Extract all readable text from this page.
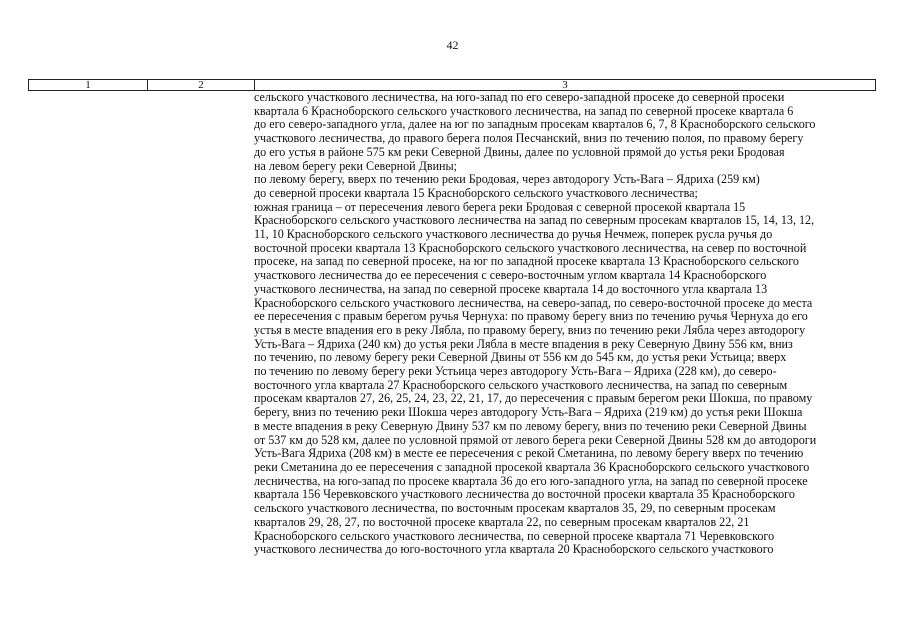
42
1	2	3
сельского участкового лесничества, на юго-запад по его северо-западной просеке до северной просеки
квартала 6 Красноборского сельского участкового лесничества, на запад по северной просеке квартала 6
до его северо-западного угла, далее на юг по западным просекам кварталов 6, 7, 8 Красноборского сельского
участкового лесничества, до правого берега полоя Песчанский, вниз по течению полоя, по правому берегу
до его устья в районе 575 км реки Северной Двины, далее по условной прямой до устья реки Бродовая
на левом берегу реки Северной Двины;
по левому берегу, вверх по течению реки Бродовая, через автодорогу Усть-Вага – Ядриха (259 км)
до северной просеки квартала 15 Красноборского сельского участкового лесничества;
южная граница – от пересечения левого берега реки Бродовая с северной просекой квартала 15
Красноборского сельского участкового лесничества на запад по северным просекам кварталов 15, 14, 13, 12,
11, 10 Красноборского сельского участкового лесничества до ручья Нечмеж, поперек русла ручья до
восточной просеки квартала 13 Красноборского сельского участкового лесничества, на север по восточной
просеке, на запад по северной просеке, на юг по западной просеке квартала 13 Красноборского сельского
участкового лесничества до ее пересечения с северо-восточным углом квартала 14 Красноборского
участкового лесничества, на запад по северной просеке квартала 14 до восточного угла квартала 13
Красноборского сельского участкового лесничества, на северо-запад, по северо-восточной просеке до места
ее пересечения с правым берегом ручья Чернуха: по правому берегу вниз по течению ручья Чернуха до его
устья в месте впадения его в реку Лябла, по правому берегу, вниз по течению реки Лябла через автодорогу
Усть-Вага – Ядриха (240 км) до устья реки Лябла в месте впадения в реку Северную Двину 556 км, вниз
по течению, по левому берегу реки Северной Двины от 556 км до 545 км, до устья реки Устьица; вверх
по течению по левому берегу реки Устьица через автодорогу Усть-Вага – Ядриха (228 км), до северо-
восточного угла квартала 27 Красноборского сельского участкового лесничества, на запад по северным
просекам кварталов 27, 26, 25, 24, 23, 22, 21, 17, до пересечения с правым берегом реки Шокша, по правому
берегу, вниз по течению реки Шокша через автодорогу Усть-Вага – Ядриха (219 км) до устья реки Шокша
в месте впадения в реку Северную Двину 537 км по левому берегу, вниз по течению реки Северной Двины
от 537 км до 528 км, далее по условной прямой от левого берега реки Северной Двины 528 км до автодороги
Усть-Вага Ядриха (208 км) в месте ее пересечения с рекой Сметанина, по левому берегу вверх по течению
реки Сметанина до ее пересечения с западной просекой квартала 36 Красноборского сельского участкового
лесничества, на юго-запад по просеке квартала 36 до его юго-западного угла, на запад по северной просеке
квартала 156 Черевковского участкового лесничества до восточной просеки квартала 35 Красноборского
сельского участкового лесничества, по восточным просекам кварталов 35, 29, по северным просекам
кварталов 29, 28, 27, по восточной просеке квартала 22, по северным просекам кварталов 22, 21
Красноборского сельского участкового лесничества, по северной просеке квартала 71 Черевковского
участкового лесничества до юго-восточного угла квартала 20 Красноборского сельского участкового
